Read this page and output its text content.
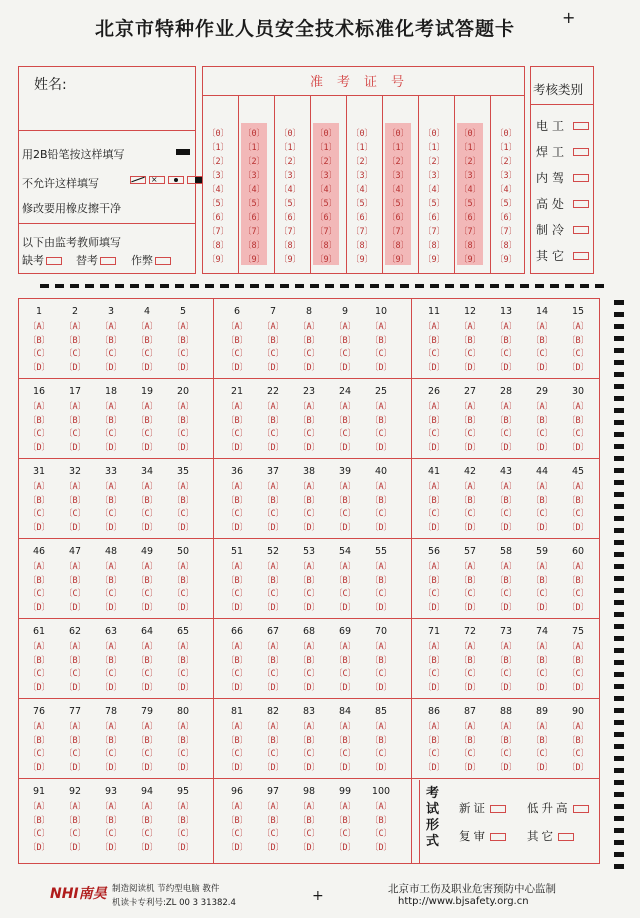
北京市特种作业人员安全技术标准化考试答题卡
+
姓名:
用2B铅笔按这样填写
不允许这样填写
	×

修改要用橡皮擦干净
以下由监考教师填写
缺考	替考	作弊
准考证号
〔0〕
〔1〕
〔2〕
〔3〕
〔4〕
〔5〕
〔6〕
〔7〕
〔8〕
〔9〕
〔0〕
〔1〕
〔2〕
〔3〕
〔4〕
〔5〕
〔6〕
〔7〕
〔8〕
〔9〕
〔0〕
〔1〕
〔2〕
〔3〕
〔4〕
〔5〕
〔6〕
〔7〕
〔8〕
〔9〕
〔0〕
〔1〕
〔2〕
〔3〕
〔4〕
〔5〕
〔6〕
〔7〕
〔8〕
〔9〕
〔0〕
〔1〕
〔2〕
〔3〕
〔4〕
〔5〕
〔6〕
〔7〕
〔8〕
〔9〕
〔0〕
〔1〕
〔2〕
〔3〕
〔4〕
〔5〕
〔6〕
〔7〕
〔8〕
〔9〕
〔0〕
〔1〕
〔2〕
〔3〕
〔4〕
〔5〕
〔6〕
〔7〕
〔8〕
〔9〕
〔0〕
〔1〕
〔2〕
〔3〕
〔4〕
〔5〕
〔6〕
〔7〕
〔8〕
〔9〕
〔0〕
〔1〕
〔2〕
〔3〕
〔4〕
〔5〕
〔6〕
〔7〕
〔8〕
〔9〕
考核类别
电工
焊工
内驾
高处
制冷
其它
1
〔A〕
〔B〕
〔C〕
〔D〕
2
〔A〕
〔B〕
〔C〕
〔D〕
3
〔A〕
〔B〕
〔C〕
〔D〕
4
〔A〕
〔B〕
〔C〕
〔D〕
5
〔A〕
〔B〕
〔C〕
〔D〕
6
〔A〕
〔B〕
〔C〕
〔D〕
7
〔A〕
〔B〕
〔C〕
〔D〕
8
〔A〕
〔B〕
〔C〕
〔D〕
9
〔A〕
〔B〕
〔C〕
〔D〕
10
〔A〕
〔B〕
〔C〕
〔D〕
11
〔A〕
〔B〕
〔C〕
〔D〕
12
〔A〕
〔B〕
〔C〕
〔D〕
13
〔A〕
〔B〕
〔C〕
〔D〕
14
〔A〕
〔B〕
〔C〕
〔D〕
15
〔A〕
〔B〕
〔C〕
〔D〕
16
〔A〕
〔B〕
〔C〕
〔D〕
17
〔A〕
〔B〕
〔C〕
〔D〕
18
〔A〕
〔B〕
〔C〕
〔D〕
19
〔A〕
〔B〕
〔C〕
〔D〕
20
〔A〕
〔B〕
〔C〕
〔D〕
21
〔A〕
〔B〕
〔C〕
〔D〕
22
〔A〕
〔B〕
〔C〕
〔D〕
23
〔A〕
〔B〕
〔C〕
〔D〕
24
〔A〕
〔B〕
〔C〕
〔D〕
25
〔A〕
〔B〕
〔C〕
〔D〕
26
〔A〕
〔B〕
〔C〕
〔D〕
27
〔A〕
〔B〕
〔C〕
〔D〕
28
〔A〕
〔B〕
〔C〕
〔D〕
29
〔A〕
〔B〕
〔C〕
〔D〕
30
〔A〕
〔B〕
〔C〕
〔D〕
31
〔A〕
〔B〕
〔C〕
〔D〕
32
〔A〕
〔B〕
〔C〕
〔D〕
33
〔A〕
〔B〕
〔C〕
〔D〕
34
〔A〕
〔B〕
〔C〕
〔D〕
35
〔A〕
〔B〕
〔C〕
〔D〕
36
〔A〕
〔B〕
〔C〕
〔D〕
37
〔A〕
〔B〕
〔C〕
〔D〕
38
〔A〕
〔B〕
〔C〕
〔D〕
39
〔A〕
〔B〕
〔C〕
〔D〕
40
〔A〕
〔B〕
〔C〕
〔D〕
41
〔A〕
〔B〕
〔C〕
〔D〕
42
〔A〕
〔B〕
〔C〕
〔D〕
43
〔A〕
〔B〕
〔C〕
〔D〕
44
〔A〕
〔B〕
〔C〕
〔D〕
45
〔A〕
〔B〕
〔C〕
〔D〕
46
〔A〕
〔B〕
〔C〕
〔D〕
47
〔A〕
〔B〕
〔C〕
〔D〕
48
〔A〕
〔B〕
〔C〕
〔D〕
49
〔A〕
〔B〕
〔C〕
〔D〕
50
〔A〕
〔B〕
〔C〕
〔D〕
51
〔A〕
〔B〕
〔C〕
〔D〕
52
〔A〕
〔B〕
〔C〕
〔D〕
53
〔A〕
〔B〕
〔C〕
〔D〕
54
〔A〕
〔B〕
〔C〕
〔D〕
55
〔A〕
〔B〕
〔C〕
〔D〕
56
〔A〕
〔B〕
〔C〕
〔D〕
57
〔A〕
〔B〕
〔C〕
〔D〕
58
〔A〕
〔B〕
〔C〕
〔D〕
59
〔A〕
〔B〕
〔C〕
〔D〕
60
〔A〕
〔B〕
〔C〕
〔D〕
61
〔A〕
〔B〕
〔C〕
〔D〕
62
〔A〕
〔B〕
〔C〕
〔D〕
63
〔A〕
〔B〕
〔C〕
〔D〕
64
〔A〕
〔B〕
〔C〕
〔D〕
65
〔A〕
〔B〕
〔C〕
〔D〕
66
〔A〕
〔B〕
〔C〕
〔D〕
67
〔A〕
〔B〕
〔C〕
〔D〕
68
〔A〕
〔B〕
〔C〕
〔D〕
69
〔A〕
〔B〕
〔C〕
〔D〕
70
〔A〕
〔B〕
〔C〕
〔D〕
71
〔A〕
〔B〕
〔C〕
〔D〕
72
〔A〕
〔B〕
〔C〕
〔D〕
73
〔A〕
〔B〕
〔C〕
〔D〕
74
〔A〕
〔B〕
〔C〕
〔D〕
75
〔A〕
〔B〕
〔C〕
〔D〕
76
〔A〕
〔B〕
〔C〕
〔D〕
77
〔A〕
〔B〕
〔C〕
〔D〕
78
〔A〕
〔B〕
〔C〕
〔D〕
79
〔A〕
〔B〕
〔C〕
〔D〕
80
〔A〕
〔B〕
〔C〕
〔D〕
81
〔A〕
〔B〕
〔C〕
〔D〕
82
〔A〕
〔B〕
〔C〕
〔D〕
83
〔A〕
〔B〕
〔C〕
〔D〕
84
〔A〕
〔B〕
〔C〕
〔D〕
85
〔A〕
〔B〕
〔C〕
〔D〕
86
〔A〕
〔B〕
〔C〕
〔D〕
87
〔A〕
〔B〕
〔C〕
〔D〕
88
〔A〕
〔B〕
〔C〕
〔D〕
89
〔A〕
〔B〕
〔C〕
〔D〕
90
〔A〕
〔B〕
〔C〕
〔D〕
91
〔A〕
〔B〕
〔C〕
〔D〕
92
〔A〕
〔B〕
〔C〕
〔D〕
93
〔A〕
〔B〕
〔C〕
〔D〕
94
〔A〕
〔B〕
〔C〕
〔D〕
95
〔A〕
〔B〕
〔C〕
〔D〕
96
〔A〕
〔B〕
〔C〕
〔D〕
97
〔A〕
〔B〕
〔C〕
〔D〕
98
〔A〕
〔B〕
〔C〕
〔D〕
99
〔A〕
〔B〕
〔C〕
〔D〕
100
〔A〕
〔B〕
〔C〕
〔D〕
考试形式
新证	低升高
复审	其它
NHI南昊 制造阅读机 节约型电脑 教件
机读卡专利号:ZL 00 3 31382.4	+	北京市工伤及职业危害预防中心监制
http://www.bjsafety.org.cn
